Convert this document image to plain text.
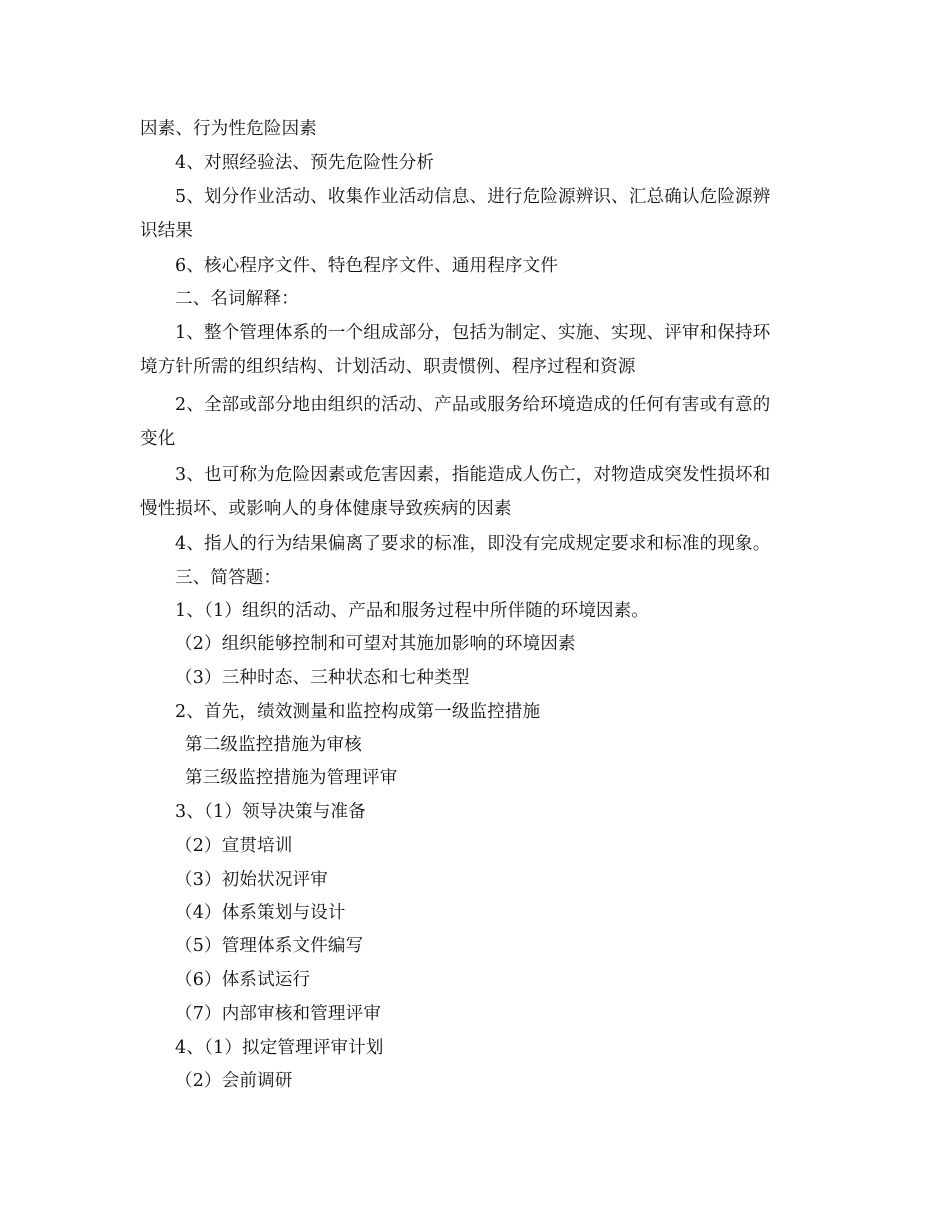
因素、行为性危险因素
4、对照经验法、预先危险性分析
5、划分作业活动、收集作业活动信息、进行危险源辨识、汇总确认危险源辨
识结果
6、核心程序文件、特色程序文件、通用程序文件
二、名词解释：
1、整个管理体系的一个组成部分，包括为制定、实施、实现、评审和保持环
境方针所需的组织结构、计划活动、职责惯例、程序过程和资源
2、全部或部分地由组织的活动、产品或服务给环境造成的任何有害或有意的
变化
3、也可称为危险因素或危害因素，指能造成人伤亡，对物造成突发性损坏和
慢性损坏、或影响人的身体健康导致疾病的因素
4、指人的行为结果偏离了要求的标准，即没有完成规定要求和标准的现象。
三、简答题：
1、（1）组织的活动、产品和服务过程中所伴随的环境因素。
（2）组织能够控制和可望对其施加影响的环境因素
（3）三种时态、三种状态和七种类型
2、首先，绩效测量和监控构成第一级监控措施
第二级监控措施为审核
第三级监控措施为管理评审
3、（1）领导决策与准备
（2）宣贯培训
（3）初始状况评审
（4）体系策划与设计
（5）管理体系文件编写
（6）体系试运行
（7）内部审核和管理评审
4、（1）拟定管理评审计划
（2）会前调研
